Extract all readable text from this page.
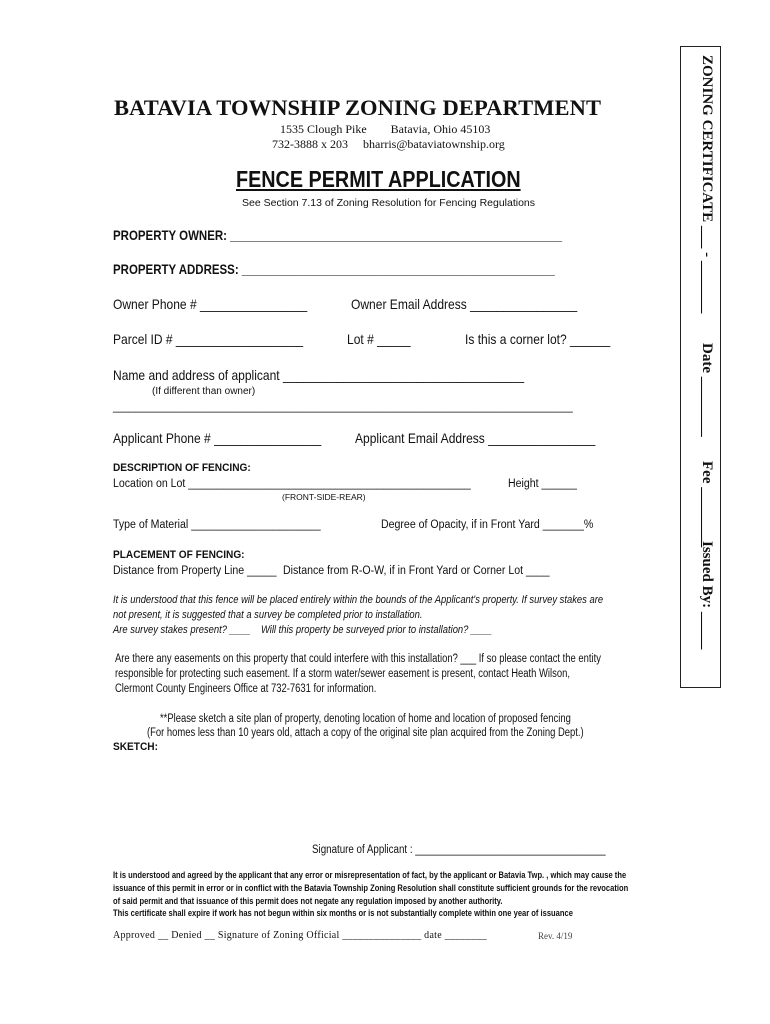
BATAVIA TOWNSHIP ZONING DEPARTMENT
1535 Clough Pike        Batavia, Ohio 45103
732-3888 x 203     bharris@bataviatownship.org
FENCE PERMIT APPLICATION
See Section 7.13 of Zoning Resolution for Fencing Regulations
PROPERTY OWNER: ____________________________________________________
PROPERTY ADDRESS: _________________________________________________
Owner Phone # ________________	Owner Email Address ________________
Parcel ID # ___________________	Lot # _____	Is this a corner lot? ______
Name and address of applicant ____________________________________
(If different than owner)
__________________________________________________________________________________
Applicant Phone # ________________ Applicant Email Address ________________
DESCRIPTION OF FENCING:
Location on Lot ________________________________________________	Height ______
(FRONT-SIDE-REAR)
Type of Material ______________________	Degree of Opacity, if in Front Yard _______%
PLACEMENT OF FENCING:
Distance from Property Line _____ Distance from R-O-W, if in Front Yard or Corner Lot ____
It is understood that this fence will be placed entirely within the bounds of the Applicant's property. If survey stakes are
not present, it is suggested that a survey be completed prior to installation.
Are survey stakes present? ____    Will this property be surveyed prior to installation? ____
Are there any easements on this property that could interfere with this installation? ___ If so please contact the entity
responsible for protecting such easement. If a storm water/sewer easement is present, contact Heath Wilson,
Clermont County Engineers Office at 732-7631 for information.
**Please sketch a site plan of property, denoting location of home and location of proposed fencing
(For homes less than 10 years old, attach a copy of the original site plan acquired from the Zoning Dept.)
SKETCH:
Signature of Applicant : ___________________________________
It is understood and agreed by the applicant that any error or misrepresentation of fact, by the applicant or Batavia Twp. , which may cause the
issuance of this permit in error or in conflict with the Batavia Township Zoning Resolution shall constitute sufficient grounds for the revocation
of said permit and that issuance of this permit does not negate any regulation imposed by another authority.
This certificate shall expire if work has not begun within six months or is not substantially complete within one year of issuance
Approved __ Denied __ Signature of Zoning Official _______________ date ________	Rev. 4/19
ZONING CERTIFICATE ___ - _______
Date ________
Fee ________
Issued By: _____
